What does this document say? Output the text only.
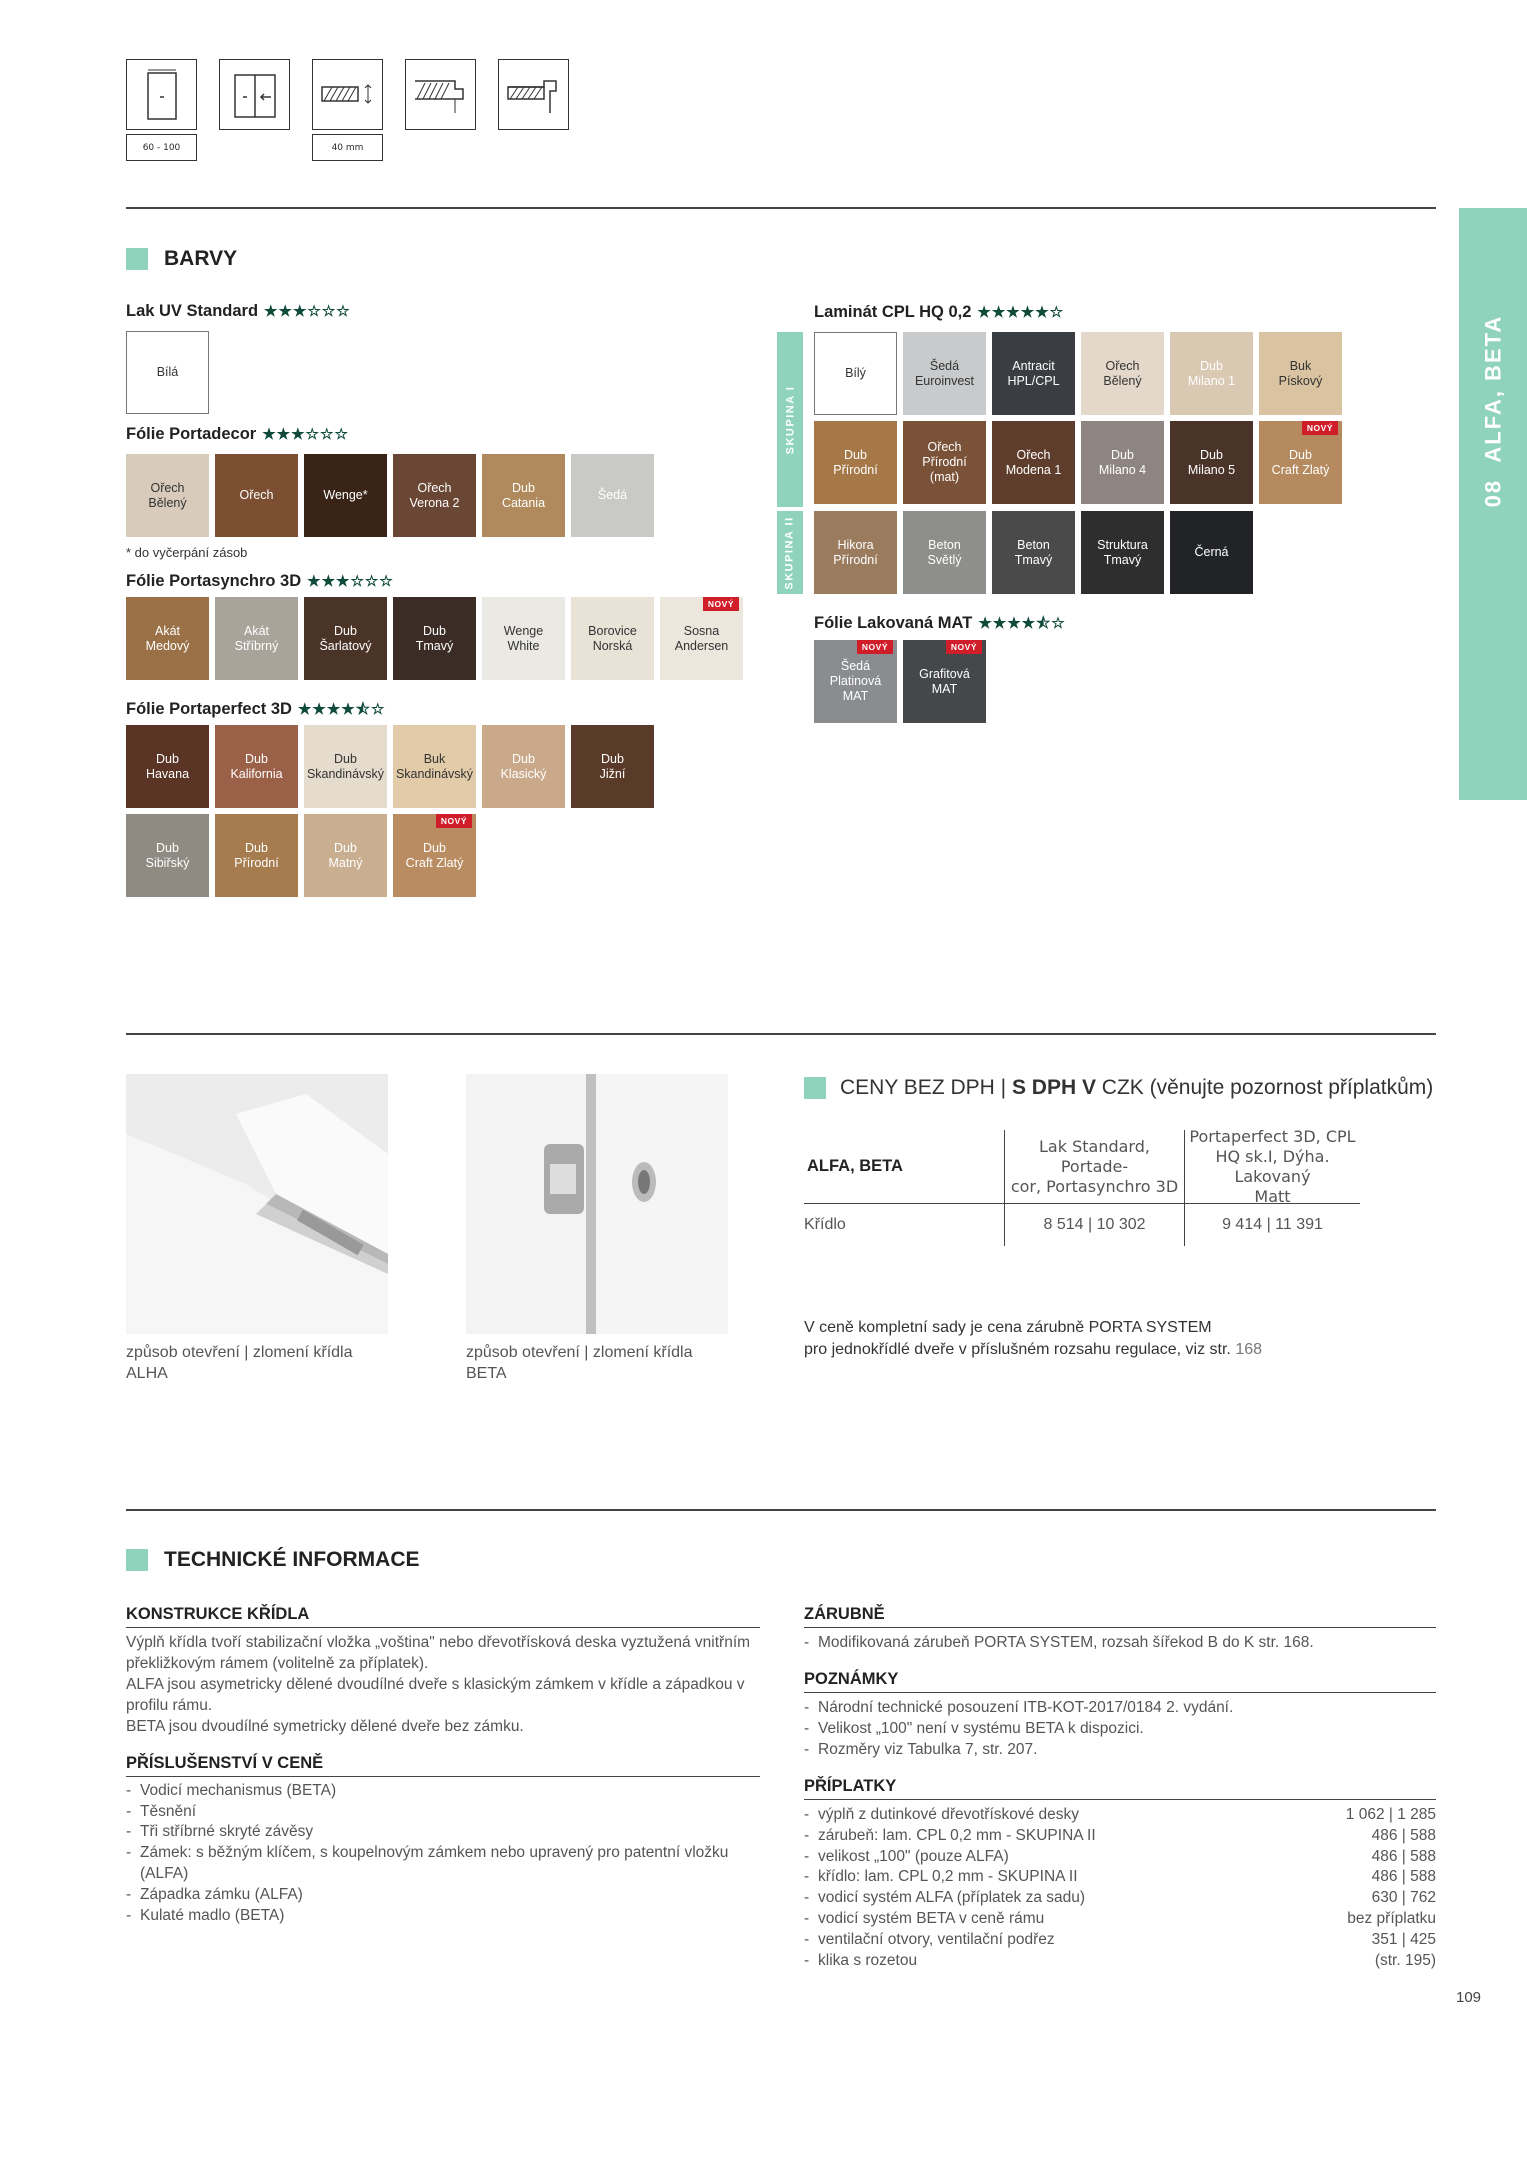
60 - 100	40 mm
08  ALFA, BETA
BARVY
Lak UV Standard ★★★☆☆☆
Bílá
Fólie Portadecor ★★★☆☆☆
Ořech
Bělený
Ořech	Wenge*
Ořech
Verona 2
Dub
Catania
Šedá
* do vyčerpání zásob
Fólie Portasynchro 3D ★★★☆☆☆
Akát
Medový
Akát
Stříbrný
Dub
Šarlatový
Dub
Tmavý
Wenge
White
Borovice
Norská
Sosna
Andersen
NOVÝ
Fólie Portaperfect 3D ★★★★⯪☆
Dub
Havana
Dub
Kalifornia
Dub
Skandinávský
Buk
Skandinávský
Dub
Klasický
Dub
Jižní
Dub
Sibiřský
Dub
Přírodní
Dub
Matný
Dub
Craft Zlatý
NOVÝ
Laminát CPL HQ 0,2 ★★★★★☆
SKUPINA I
SKUPINA II
Bílý
Šedá
Euroinvest
Antracit
HPL/CPL
Ořech
Bělený
Dub
Milano 1
Buk
Pískový
Dub
Přírodní
Ořech
Přírodní
(mat)
Ořech
Modena 1
Dub
Milano 4
Dub
Milano 5
Dub
Craft Zlatý
NOVÝ
Hikora
Přírodní
Beton
Světlý
Beton
Tmavý
Struktura
Tmavý
Černá
Fólie Lakovaná MAT ★★★★⯪☆
Šedá
Platinová
MAT
NOVÝ
Grafitová
MAT
NOVÝ
způsob otevření | zlomení křídla
ALHA
způsob otevření | zlomení křídla
BETA
CENY BEZ DPH | S DPH V CZK (věnujte pozornost příplatkům)
ALFA, BETA
Lak Standard, Portade-
cor, Portasynchro 3D
Portaperfect 3D, CPL
HQ sk.I, Dýha. Lakovaný
Matt
Křídlo	8 514 | 10 302	9 414 | 11 391
V ceně kompletní sady je cena zárubně PORTA SYSTEM
pro jednokřídlé dveře v příslušném rozsahu regulace, viz str. 168
TECHNICKÉ INFORMACE
KONSTRUKCE KŘÍDLA
Výplň křídla tvoří stabilizační vložka „voština" nebo dřevotřísková deska vyztužená vnitřním překližkovým rámem (volitelně za příplatek).
ALFA jsou asymetricky dělené dvoudílné dveře s klasickým zámkem v křídle a západkou v profilu rámu.
BETA jsou dvoudílné symetricky dělené dveře bez zámku.
PŘÍSLUŠENSTVÍ V CENĚ
- Vodicí mechanismus (BETA)
- Těsnění
- Tři stříbrné skryté závěsy
- Zámek: s běžným klíčem, s koupelnovým zámkem nebo upravený pro patentní vložku (ALFA)
- Západka zámku (ALFA)
- Kulaté madlo (BETA)
ZÁRUBNĚ
- Modifikovaná zárubeň PORTA SYSTEM, rozsah šířekod B do K str. 168.
POZNÁMKY
- Národní technické posouzení ITB-KOT-2017/0184 2. vydání.
- Velikost „100" není v systému BETA k dispozici.
- Rozměry viz Tabulka 7, str. 207.
PŘÍPLATKY
- výplň z dutinkové dřevotřískové desky	1 062 | 1 285
- zárubeň: lam. CPL 0,2 mm - SKUPINA II	486 | 588
- velikost „100" (pouze ALFA)	486 | 588
- křídlo: lam. CPL 0,2 mm - SKUPINA II	486 | 588
- vodicí systém ALFA (příplatek za sadu)	630 | 762
- vodicí systém BETA v ceně rámu	bez příplatku
- ventilační otvory, ventilační podřez	351 | 425
- klika s rozetou	(str. 195)
109
